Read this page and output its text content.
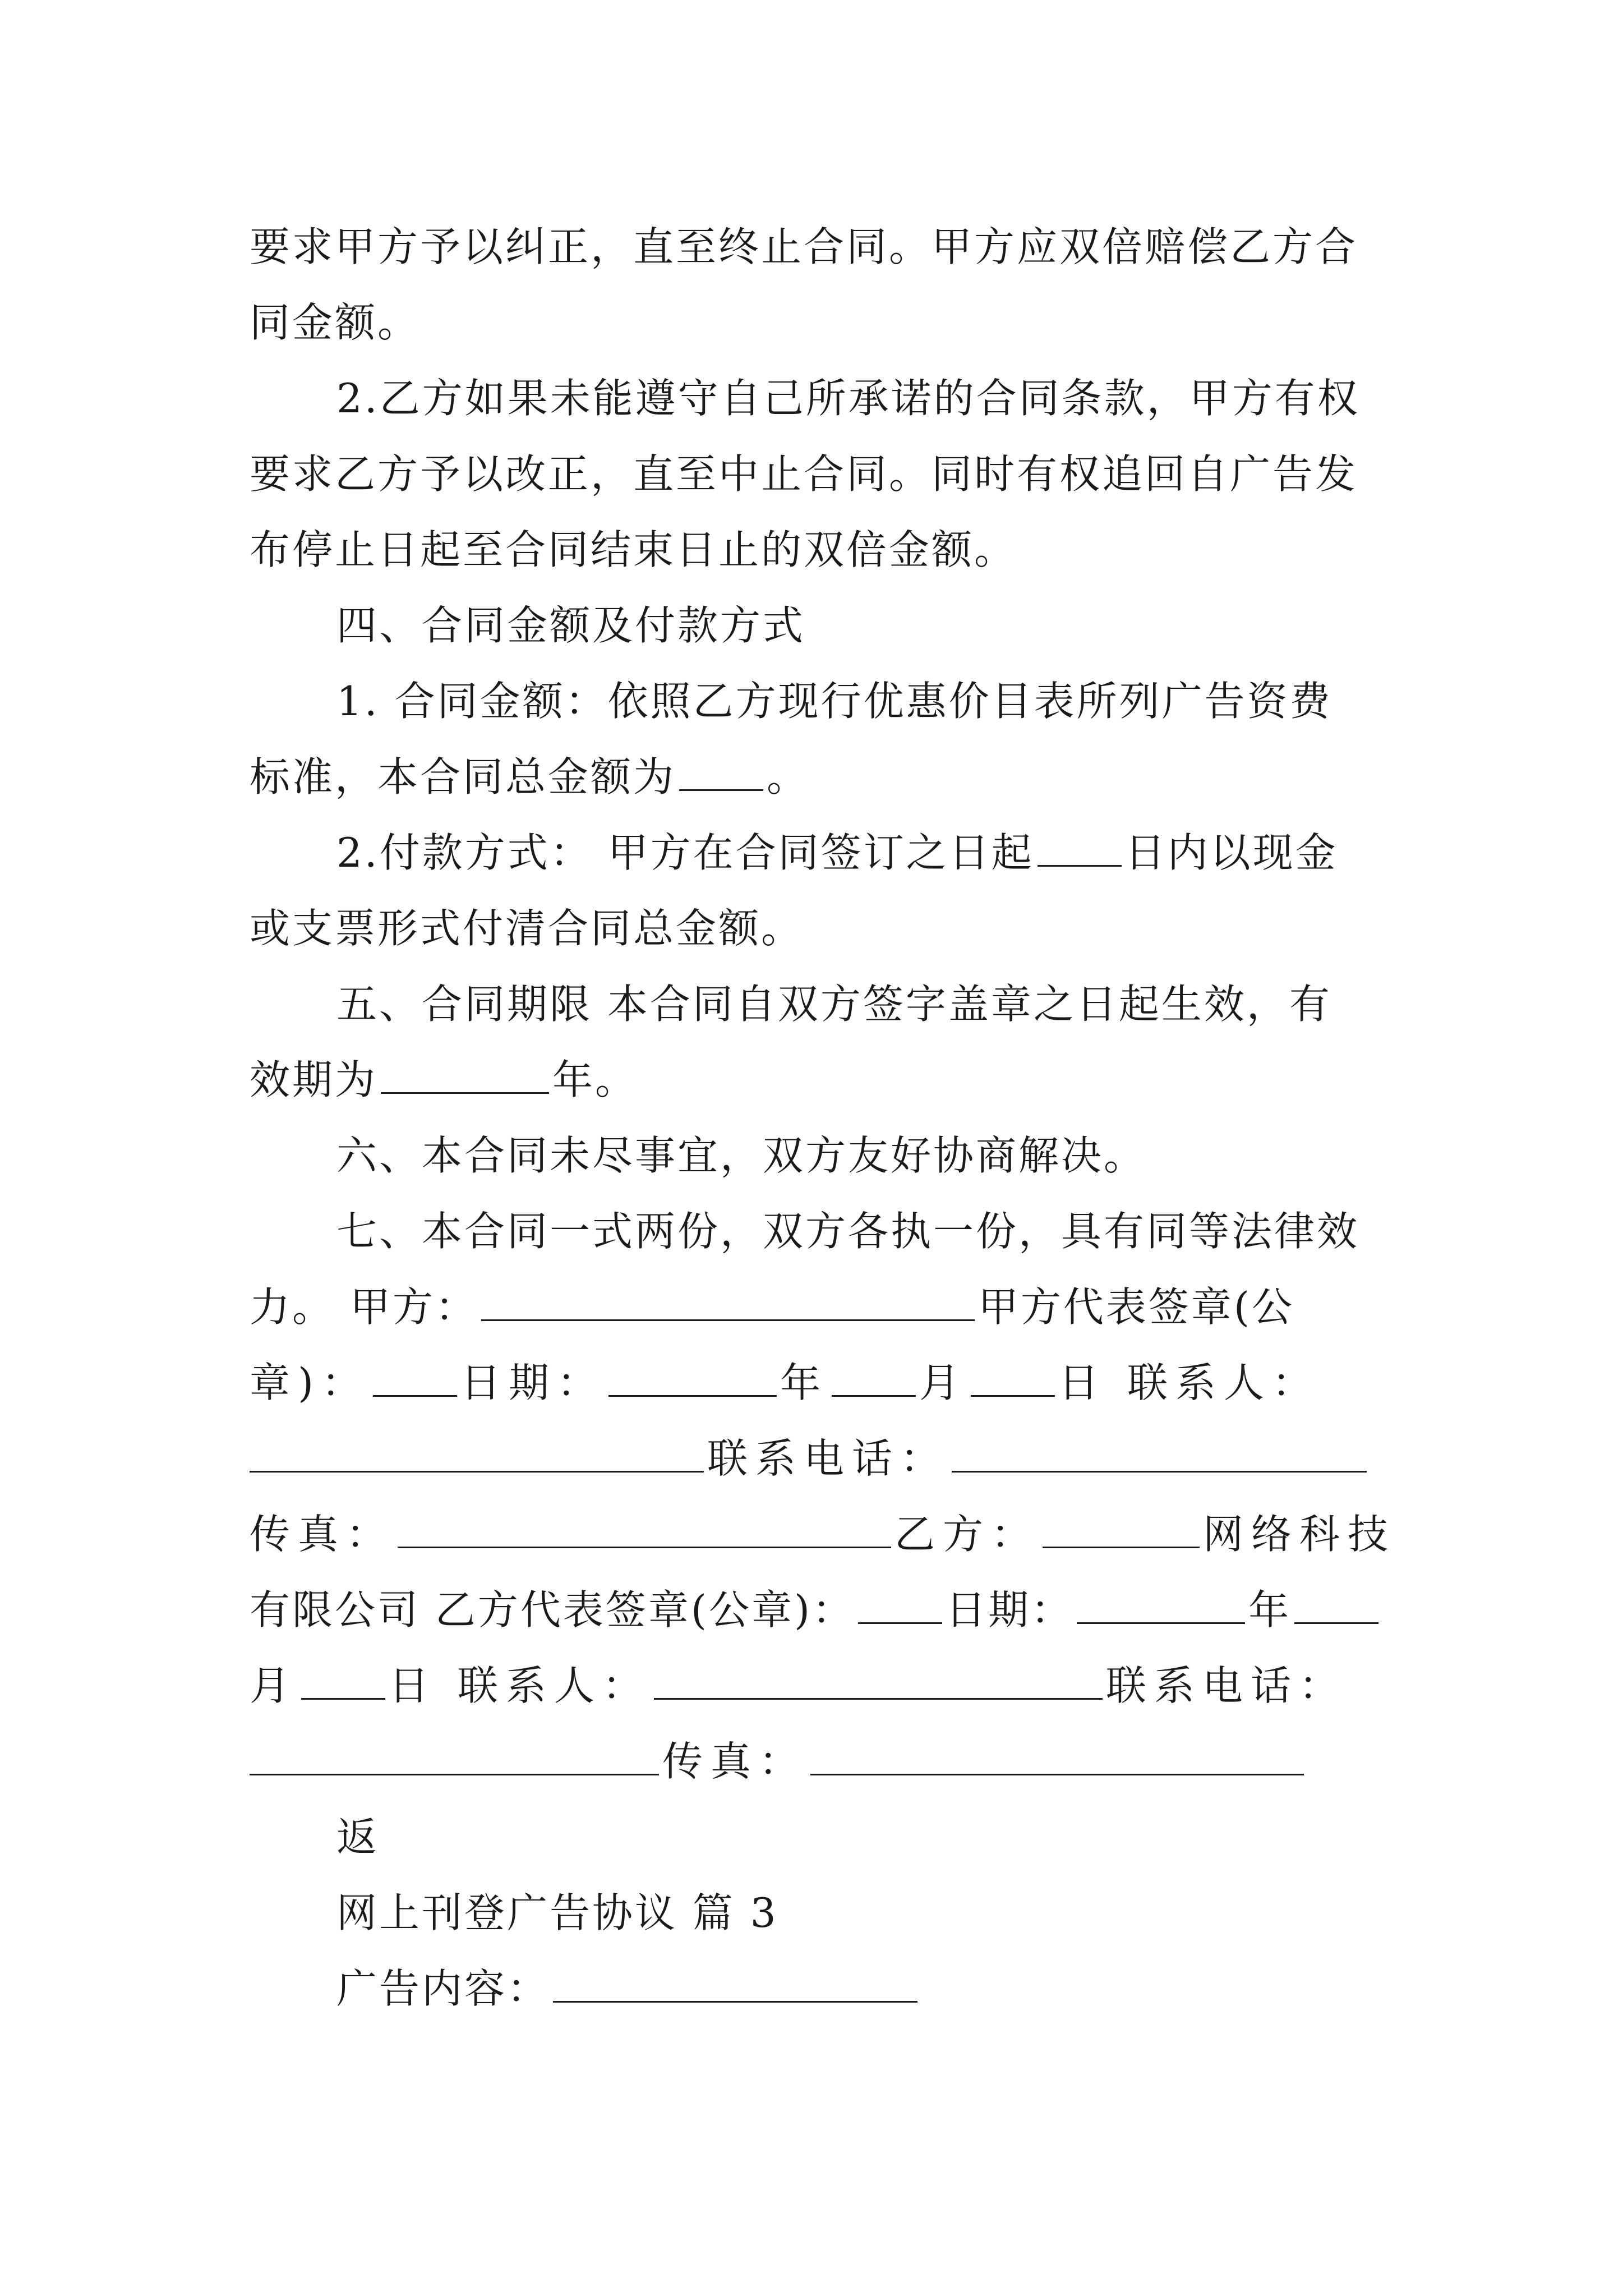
要求甲方予以纠正，直至终止合同。甲方应双倍赔偿乙方合
同金额。
2.乙方如果未能遵守自己所承诺的合同条款，甲方有权
要求乙方予以改正，直至中止合同。同时有权追回自广告发
布停止日起至合同结束日止的双倍金额。
四、合同金额及付款方式
1. 合同金额：依照乙方现行优惠价目表所列广告资费
标准，本合同总金额为 。
2.付款方式： 甲方在合同签订之日起 日内以现金
或支票形式付清合同总金额。
五、合同期限 本合同自双方签字盖章之日起生效，有
效期为	年。
六、本合同未尽事宜，双方友好协商解决。
七、本合同一式两份，双方各执一份，具有同等法律效
力。 甲方：	甲方代表签章(公
章)： 日期：	年 月 日 联系人：
联系电话：
传真：	乙方：	网络科技
有限公司 乙方代表签章(公章)： 日期：	年
月 日 联系人：	联系电话：
传真：
返
网上刊登广告协议 篇 3
广告内容：
